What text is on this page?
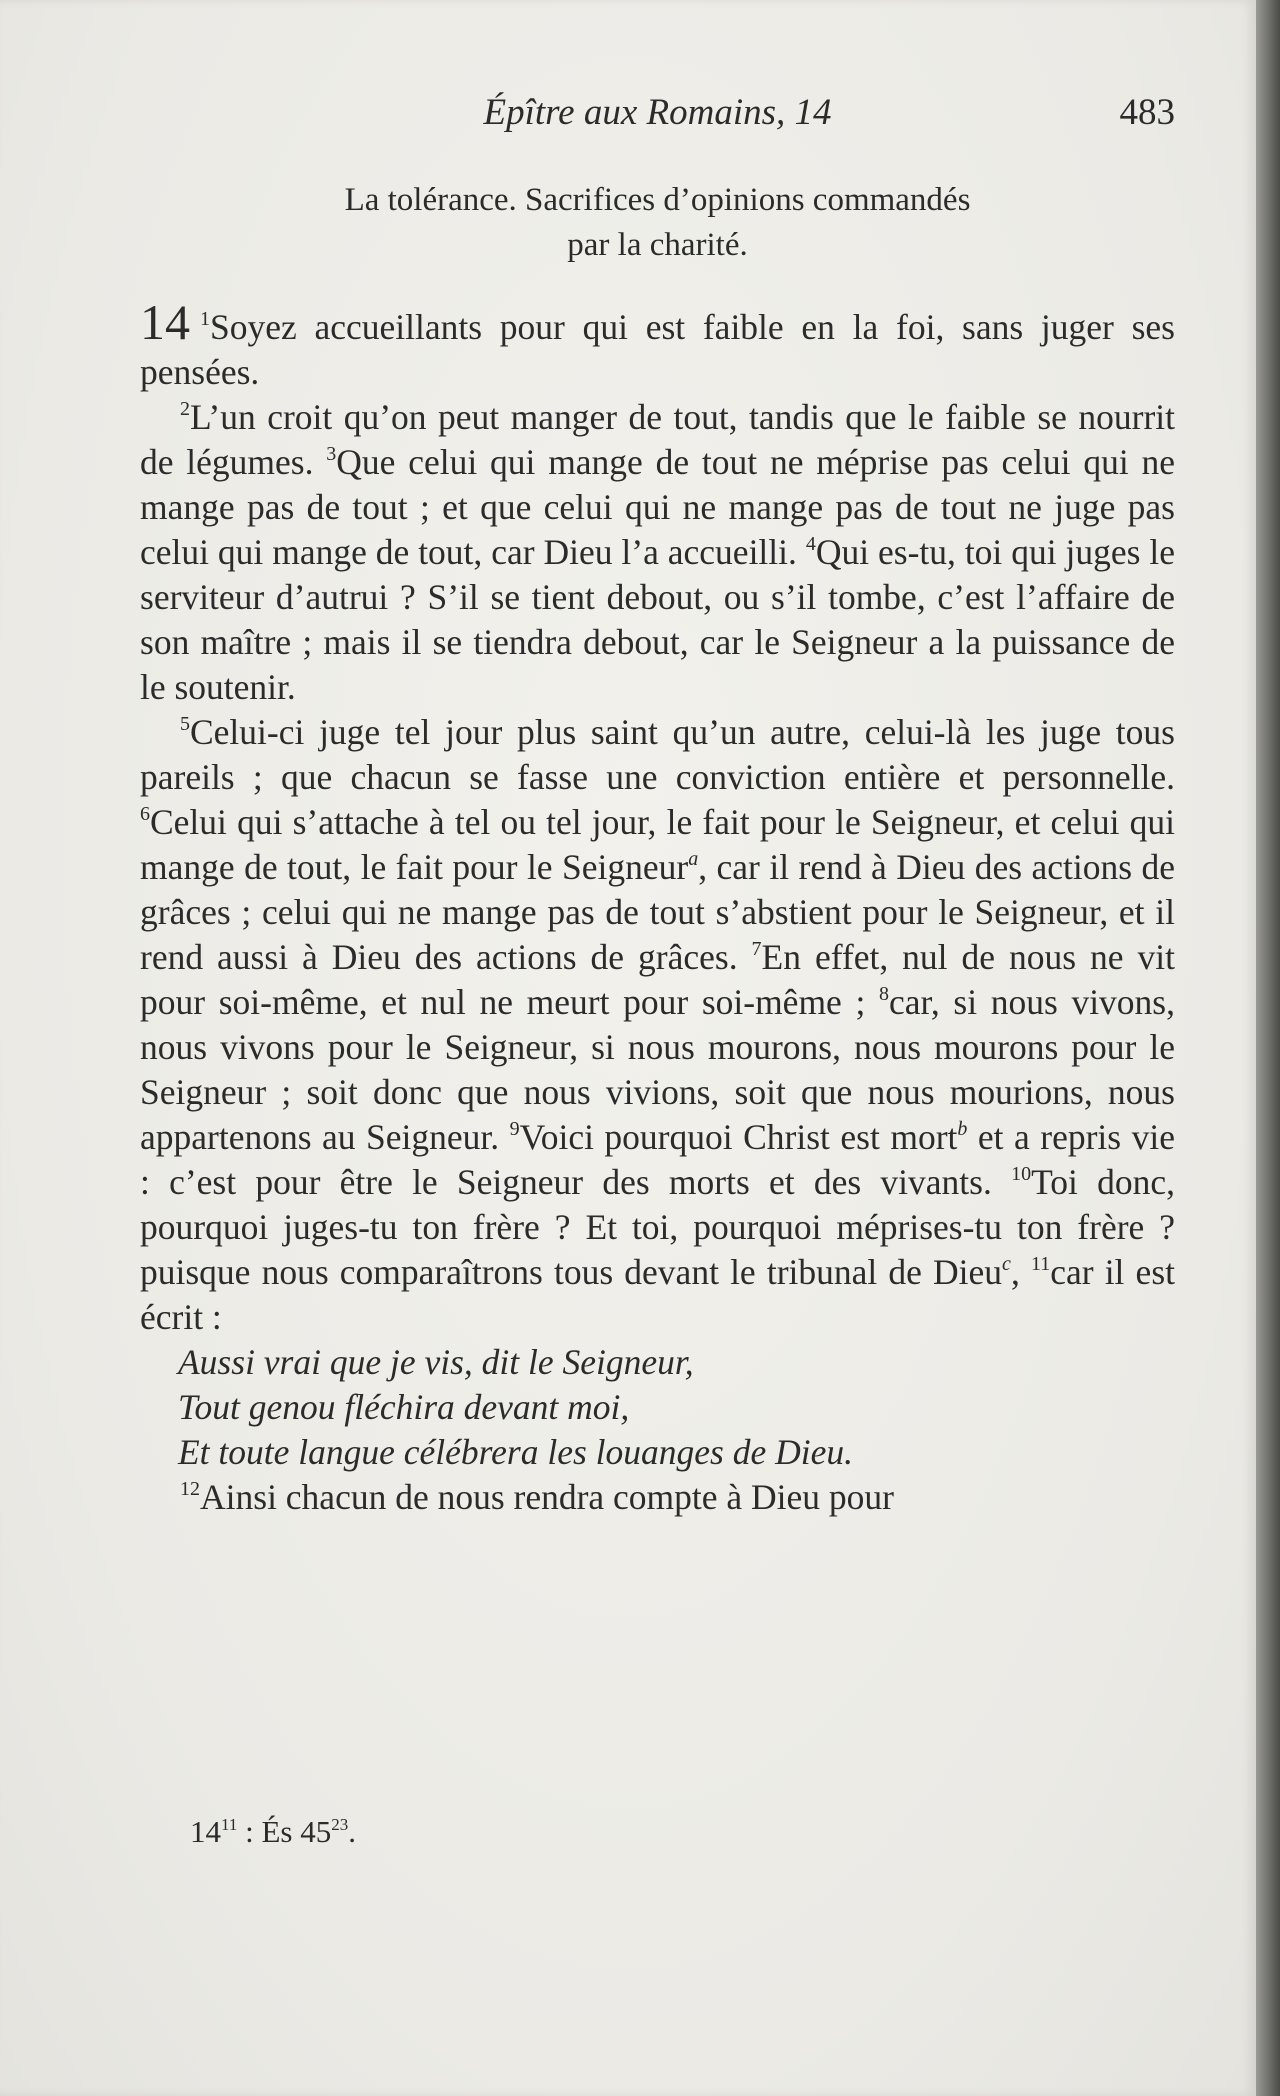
Épître aux Romains, 14	483
La tolérance. Sacrifices d’opinions commandés
par la charité.

14 $^1$Soyez accueillants pour qui est faible en la foi, sans juger ses pensées.

$^2$L’un croit qu’on peut manger de tout, tandis que le faible se nourrit de légumes. $^3$Que celui qui mange de tout ne méprise pas celui qui ne mange pas de tout ; et que celui qui ne mange pas de tout ne juge pas celui qui mange de tout, car Dieu l’a accueilli. $^4$Qui es-tu, toi qui juges le serviteur d’autrui ? S’il se tient debout, ou s’il tombe, c’est l’affaire de son maître ; mais il se tiendra debout, car le Seigneur a la puissance de le soutenir.

$^5$Celui-ci juge tel jour plus saint qu’un autre, celui-là les juge tous pareils ; que chacun se fasse une conviction entière et personnelle. $^6$Celui qui s’attache à tel ou tel jour, le fait pour le Seigneur, et celui qui mange de tout, le fait pour le Seigneur$^a$, car il rend à Dieu des actions de grâces ; celui qui ne mange pas de tout s’abstient pour le Seigneur, et il rend aussi à Dieu des actions de grâces. $^7$En effet, nul de nous ne vit pour soi-même, et nul ne meurt pour soi-même ; $^8$car, si nous vivons, nous vivons pour le Seigneur, si nous mourons, nous mourons pour le Seigneur ; soit donc que nous vivions, soit que nous mourions, nous appartenons au Seigneur. $^9$Voici pourquoi Christ est mort$^b$ et a repris vie : c’est pour être le Seigneur des morts et des vivants. $^{10}$Toi donc, pourquoi juges-tu ton frère ? Et toi, pourquoi méprises-tu ton frère ? puisque nous comparaîtrons tous devant le tribunal de Dieu$^c$, $^{11}$car il est écrit :

Aussi vrai que je vis, dit le Seigneur,
Tout genou fléchira devant moi,
Et toute langue célébrera les louanges de Dieu.

$^{12}$Ainsi chacun de nous rendra compte à Dieu pour

$14^{11}$ : És $45^{23}$.
